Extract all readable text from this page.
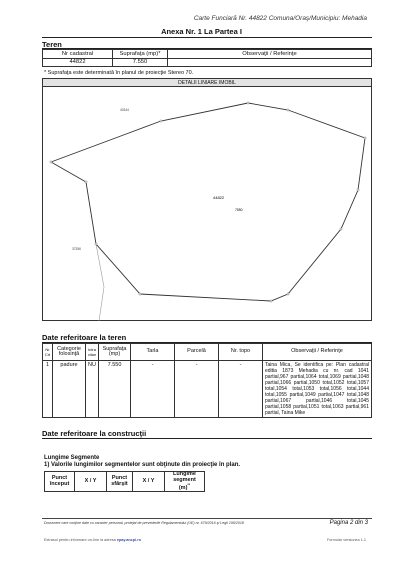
Carte Funciară Nr. 44822 Comuna/Oraş/Municipiu: Mehadia
Anexa Nr. 1 La Partea I
Teren
Nr cadastral	Suprafaţa (mp)*	Observaţii / Referinţe
44822	7.550	
* Suprafaţa este determinată în planul de proiecţie Stereo 70.
DETALII LINIARE IMOBIL
44822
7550
40344
37356
Date referitoare la teren
Nr Crt	Categorie folosinţă	Intra vilan	Suprafaţa (mp)	Tarla	Parcelă	Nr. topo	Observaţii / Referinţe
1	padure	NU	7.550	-	-	-	Taina Mica, Se identifica pe: Plan cadastral editia 1873 Mehadia cu nr. cad 1041 partial,967 partial,1064 total,1069 partial,1048 partial,1066 partial,1050 total,1052 total,1057 total,1054 total,1053 total,1056 total,1044 total,1055 partial,1049 partial,1047 total,1048 partial,1067 partial,1046 total,1045 partial,1058 partial,1051 total,1063 partial,961 partial, Taina Mike
Date referitoare la construcţii
Lungime Segmente
1) Valorile lungimilor segmentelor sunt obţinute din proiecţie în plan.
Punct început	X / Y	Punct sfârşit	X / Y	Lungime segment (m)**
Document care conţine date cu caracter personal, protejat de prevederile Regulamentului (UE) nr. 679/2016 şi Legii 190/2018	Pagina 2 din 3
Extrasul pentru informare on-line la adresa epay.ancpi.ro	Formular versiunea 1.1
